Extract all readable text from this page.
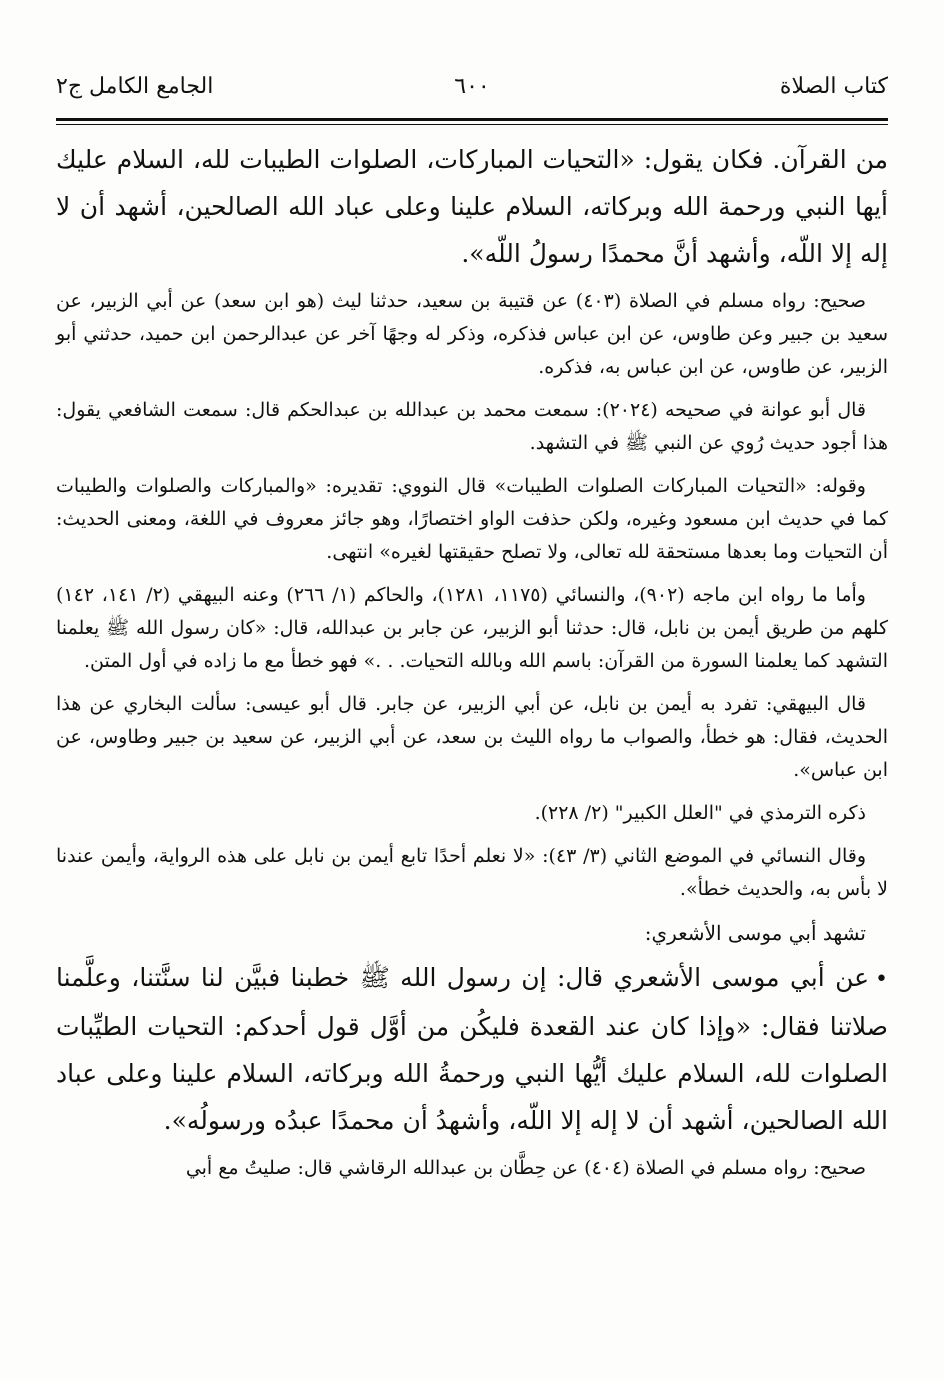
كتاب الصلاة
٦٠٠
الجامع الكامل ج٢

من القرآن. فكان يقول: «التحيات المباركات، الصلوات الطيبات لله، السلام عليك أيها النبي ورحمة الله وبركاته، السلام علينا وعلى عباد الله الصالحين، أشهد أن لا إله إلا اللّه، وأشهد أنَّ محمدًا رسولُ اللّه».

صحيح: رواه مسلم في الصلاة (٤٠٣) عن قتيبة بن سعيد، حدثنا ليث (هو ابن سعد) عن أبي الزبير، عن سعيد بن جبير وعن طاوس، عن ابن عباس فذكره، وذكر له وجهًا آخر عن عبدالرحمن ابن حميد، حدثني أبو الزبير، عن طاوس، عن ابن عباس به، فذكره.

قال أبو عوانة في صحيحه (٢٠٢٤): سمعت محمد بن عبدالله بن عبدالحكم قال: سمعت الشافعي يقول: هذا أجود حديث رُوي عن النبي ﷺ في التشهد.

وقوله: «التحيات المباركات الصلوات الطيبات» قال النووي: تقديره: «والمباركات والصلوات والطيبات كما في حديث ابن مسعود وغيره، ولكن حذفت الواو اختصارًا، وهو جائز معروف في اللغة، ومعنى الحديث: أن التحيات وما بعدها مستحقة لله تعالى، ولا تصلح حقيقتها لغيره» انتهى.

وأما ما رواه ابن ماجه (٩٠٢)، والنسائي (١١٧٥، ١٢٨١)، والحاكم (١/ ٢٦٦) وعنه البيهقي (٢/ ١٤١، ١٤٢) كلهم من طريق أيمن بن نابل، قال: حدثنا أبو الزبير، عن جابر بن عبدالله، قال: «كان رسول الله ﷺ يعلمنا التشهد كما يعلمنا السورة من القرآن: باسم الله وبالله التحيات. . .» فهو خطأ مع ما زاده في أول المتن.

قال البيهقي: تفرد به أيمن بن نابل، عن أبي الزبير، عن جابر. قال أبو عيسى: سألت البخاري عن هذا الحديث، فقال: هو خطأ، والصواب ما رواه الليث بن سعد، عن أبي الزبير، عن سعيد بن جبير وطاوس، عن ابن عباس».

ذكره الترمذي في "العلل الكبير" (٢/ ٢٢٨).

وقال النسائي في الموضع الثاني (٣/ ٤٣): «لا نعلم أحدًا تابع أيمن بن نابل على هذه الرواية، وأيمن عندنا لا بأس به، والحديث خطأ».

تشهد أبي موسى الأشعري:

•عن أبي موسى الأشعري قال: إن رسول الله ﷺ خطبنا فبيَّن لنا سنَّتنا، وعلَّمنا صلاتنا فقال: «وإذا كان عند القعدة فليكُن من أوَّل قول أحدكم: التحيات الطيِّبات الصلوات لله، السلام عليك أيُّها النبي ورحمةُ الله وبركاته، السلام علينا وعلى عباد الله الصالحين، أشهد أن لا إله إلا اللّه، وأشهدُ أن محمدًا عبدُه ورسولُه».

صحيح: رواه مسلم في الصلاة (٤٠٤) عن حِطَّان بن عبدالله الرقاشي قال: صليتُ مع أبي
